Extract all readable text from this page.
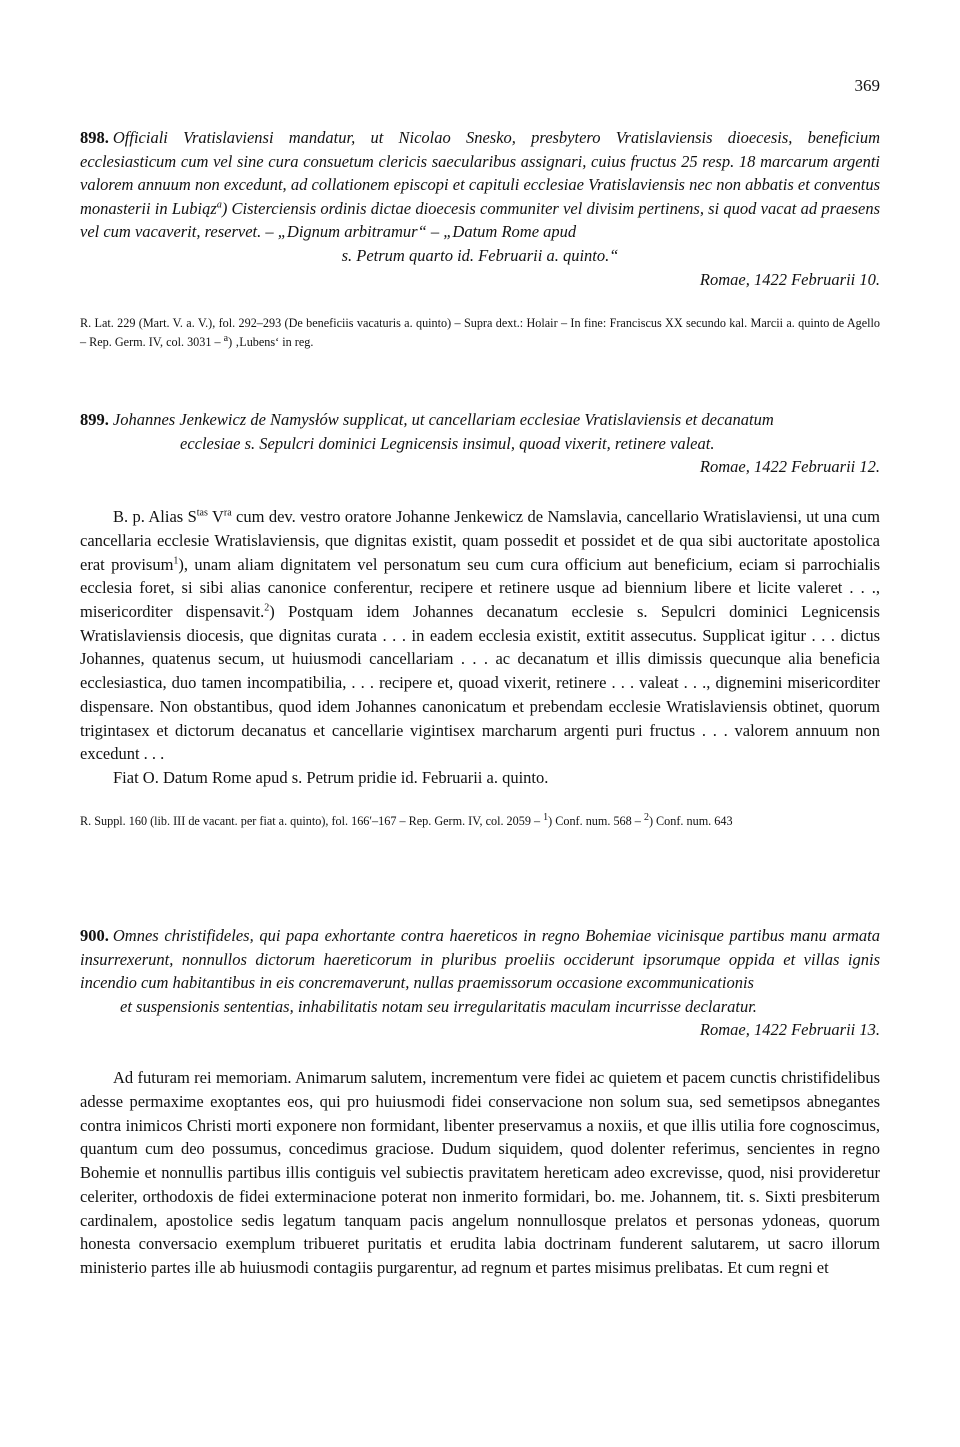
369

898. Officiali Vratislaviensi mandatur, ut Nicolao Snesko, presbytero Vratislaviensis dioecesis, beneficium ecclesiasticum cum vel sine cura consuetum clericis saecularibus assignari, cuius fructus 25 resp. 18 marcarum argenti valorem annuum non excedunt, ad collationem episcopi et capituli ecclesiae Vratislaviensis nec non abbatis et conventus monasterii in Lubiąz$^a$) Cisterciensis ordinis dictae dioecesis communiter vel divisim pertinens, si quod vacat ad praesens vel cum vacaverit, reservet. – „Dignum arbitramur“ – „Datum Rome apud
s. Petrum quarto id. Februarii a. quinto.“

Romae, 1422 Februarii 10.

R. Lat. 229 (Mart. V. a. V.), fol. 292–293 (De beneficiis vacaturis a. quinto) – Supra dext.: Holair – In fine: Franciscus XX secundo kal. Marcii a. quinto de Agello – Rep. Germ. IV, col. 3031 – $^a$) ‚Lubens‘ in reg.

899. Johannes Jenkewicz de Namysłów supplicat, ut cancellariam ecclesiae Vratislaviensis et decanatum
ecclesiae s. Sepulcri dominici Legnicensis insimul, quoad vixerit, retinere valeat.

Romae, 1422 Februarii 12.

B. p. Alias $S^{tas}$ $V^{ra}$ cum dev. vestro oratore Johanne Jenkewicz de Namslavia, cancellario Wratislaviensi, ut una cum cancellaria ecclesie Wratislaviensis, que dignitas existit, quam possedit et possidet et de qua sibi auctoritate apostolica erat provisum$^1$), unam aliam dignitatem vel personatum seu cum cura officium aut beneficium, eciam si parrochialis ecclesia foret, si sibi alias canonice conferentur, recipere et retinere usque ad biennium libere et licite valeret . . ., misericorditer dispensavit.$^2$) Postquam idem Johannes decanatum ecclesie s. Sepulcri dominici Legnicensis Wratislaviensis diocesis, que dignitas curata . . . in eadem ecclesia existit, extitit assecutus. Supplicat igitur . . . dictus Johannes, quatenus secum, ut huiusmodi cancellariam . . . ac decanatum et illis dimissis quecunque alia beneficia ecclesiastica, duo tamen incompatibilia, . . . recipere et, quoad vixerit, retinere . . . valeat . . ., dignemini misericorditer dispensare. Non obstantibus, quod idem Johannes canonicatum et prebendam ecclesie Wratislaviensis obtinet, quorum trigintasex et dictorum decanatus et cancellarie vigintisex marcharum argenti puri fructus . . . valorem annuum non excedunt . . .

Fiat O. Datum Rome apud s. Petrum pridie id. Februarii a. quinto.

R. Suppl. 160 (lib. III de vacant. per fiat a. quinto), fol. 166′–167 – Rep. Germ. IV, col. 2059 – $^1$) Conf. num. 568 – $^2$) Conf. num. 643

900. Omnes christifideles, qui papa exhortante contra haereticos in regno Bohemiae vicinisque partibus manu armata insurrexerunt, nonnullos dictorum haereticorum in pluribus proeliis occiderunt ipsorumque oppida et villas ignis incendio cum habitantibus in eis concremaverunt, nullas praemissorum occasione excommunicationis
et suspensionis sententias, inhabilitatis notam seu irregularitatis maculam incurrisse declaratur.

Romae, 1422 Februarii 13.

Ad futuram rei memoriam. Animarum salutem, incrementum vere fidei ac quietem et pacem cunctis christifidelibus adesse permaxime exoptantes eos, qui pro huiusmodi fidei conservacione non solum sua, sed semetipsos abnegantes contra inimicos Christi morti exponere non formidant, libenter preservamus a noxiis, et que illis utilia fore cognoscimus, quantum cum deo possumus, concedimus graciose. Dudum siquidem, quod dolenter referimus, sencientes in regno Bohemie et nonnullis partibus illis contiguis vel subiectis pravitatem hereticam adeo excrevisse, quod, nisi provideretur celeriter, orthodoxis de fidei exterminacione poterat non inmerito formidari, bo. me. Johannem, tit. s. Sixti presbiterum cardinalem, apostolice sedis legatum tanquam pacis angelum nonnullosque prelatos et personas ydoneas, quorum honesta conversacio exemplum tribueret puritatis et erudita labia doctrinam funderent salutarem, ut sacro illorum ministerio partes ille ab huiusmodi contagiis purgarentur, ad regnum et partes misimus prelibatas. Et cum regni et
